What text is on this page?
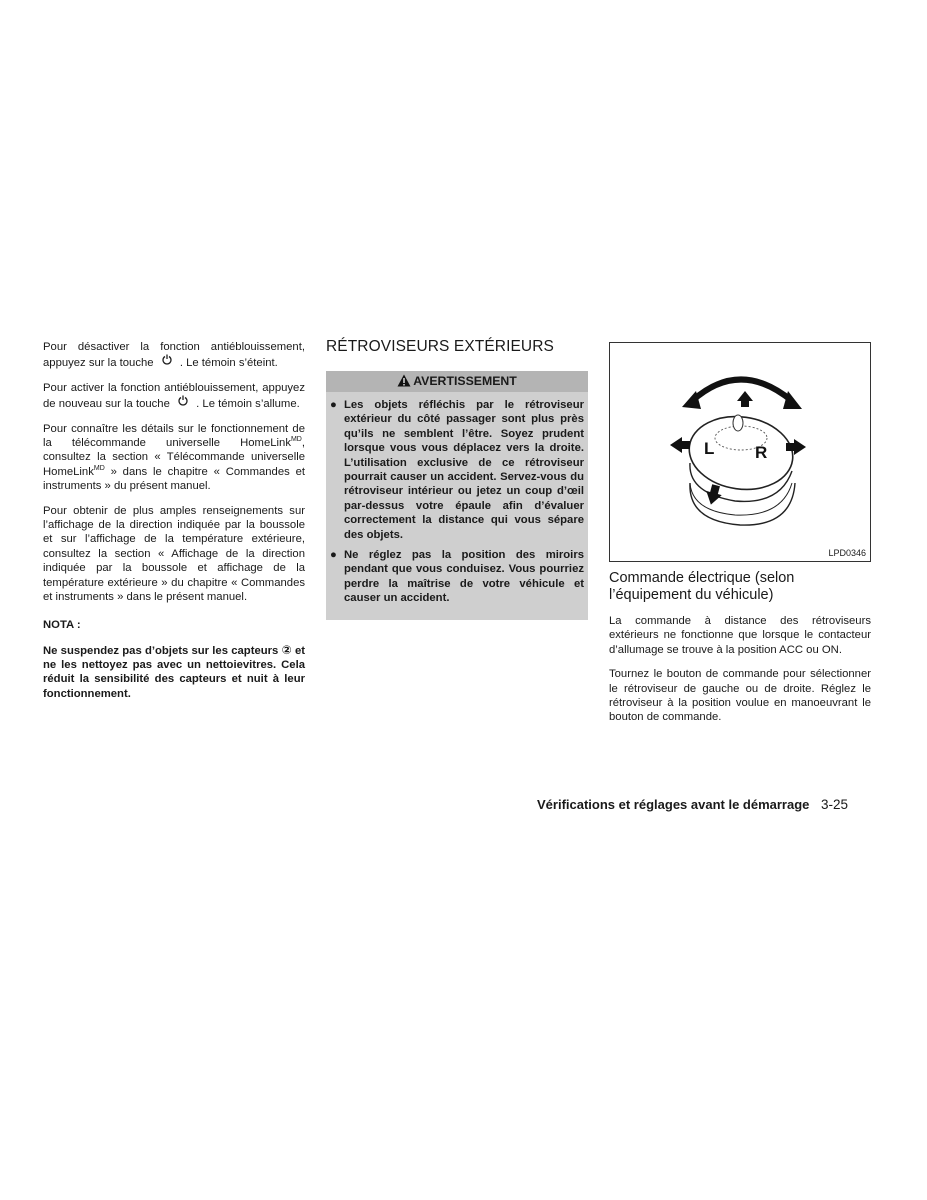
Pour désactiver la fonction antiéblouissement, appuyez sur la touche . Le témoin s’éteint.

Pour activer la fonction antiéblouissement, appuyez de nouveau sur la touche . Le témoin s’allume.

Pour connaître les détails sur le fonctionnement de la télécommande universelle HomeLink$^{MD}$, consultez la section « Télécommande universelle HomeLink$^{MD}$ » dans le chapitre « Commandes et instruments » du présent manuel.

Pour obtenir de plus amples renseignements sur l’affichage de la direction indiquée par la boussole et sur l’affichage de la température extérieure, consultez la section « Affichage de la direction indiquée par la boussole et affichage de la température extérieure » du chapitre « Commandes et instruments » dans le présent manuel.

NOTA :

Ne suspendez pas d’objets sur les capteurs ② et ne les nettoyez pas avec un nettoievitres. Cela réduit la sensibilité des capteurs et nuit à leur fonctionnement.

RÉTROVISEURS EXTÉRIEURS
AVERTISSEMENT
● Les objets réfléchis par le rétroviseur extérieur du côté passager sont plus près qu’ils ne semblent l’être. Soyez prudent lorsque vous vous déplacez vers la droite. L’utilisation exclusive de ce rétroviseur pourrait causer un accident. Servez-vous du rétroviseur intérieur ou jetez un coup d’œil par-dessus votre épaule afin d’évaluer correctement la distance qui vous sépare des objets.
● Ne réglez pas la position des miroirs pendant que vous conduisez. Vous pourriez perdre la maîtrise de votre véhicule et causer un accident.
L R
LPD0346
Commande électrique (selon l’équipement du véhicule)

La commande à distance des rétroviseurs extérieurs ne fonctionne que lorsque le contacteur d’allumage se trouve à la position ACC ou ON.

Tournez le bouton de commande pour sélectionner le rétroviseur de gauche ou de droite. Réglez le rétroviseur à la position voulue en manoeuvrant le bouton de commande.

Vérifications et réglages avant le démarrage 3-25
